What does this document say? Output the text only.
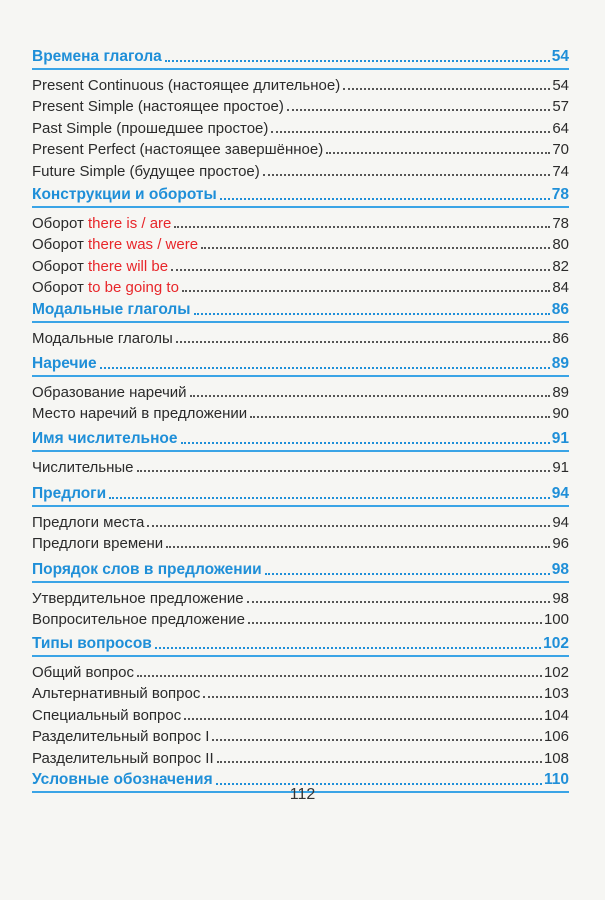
Времена глагола	54
Present Continuous (настоящее длительное)	54
Present Simple (настоящее простое)	57
Past Simple (прошедшее простое)	64
Present Perfect (настоящее завершённое)	70
Future Simple (будущее простое)	74
Конструкции и обороты	78
Оборот there is / are	78
Оборот there was / were	80
Оборот there will be	82
Оборот to be going to	84
Модальные глаголы	86
Модальные глаголы	86
Наречие	89
Образование наречий	89
Место наречий в предложении	90
Имя числительное	91
Числительные	91
Предлоги	94
Предлоги места	94
Предлоги времени	96
Порядок слов в предложении	98
Утвердительное предложение	98
Вопросительное предложение	100
Типы вопросов	102
Общий вопрос	102
Альтернативный вопрос	103
Специальный вопрос	104
Разделительный вопрос I	106
Разделительный вопрос II	108
Условные обозначения	110
112
